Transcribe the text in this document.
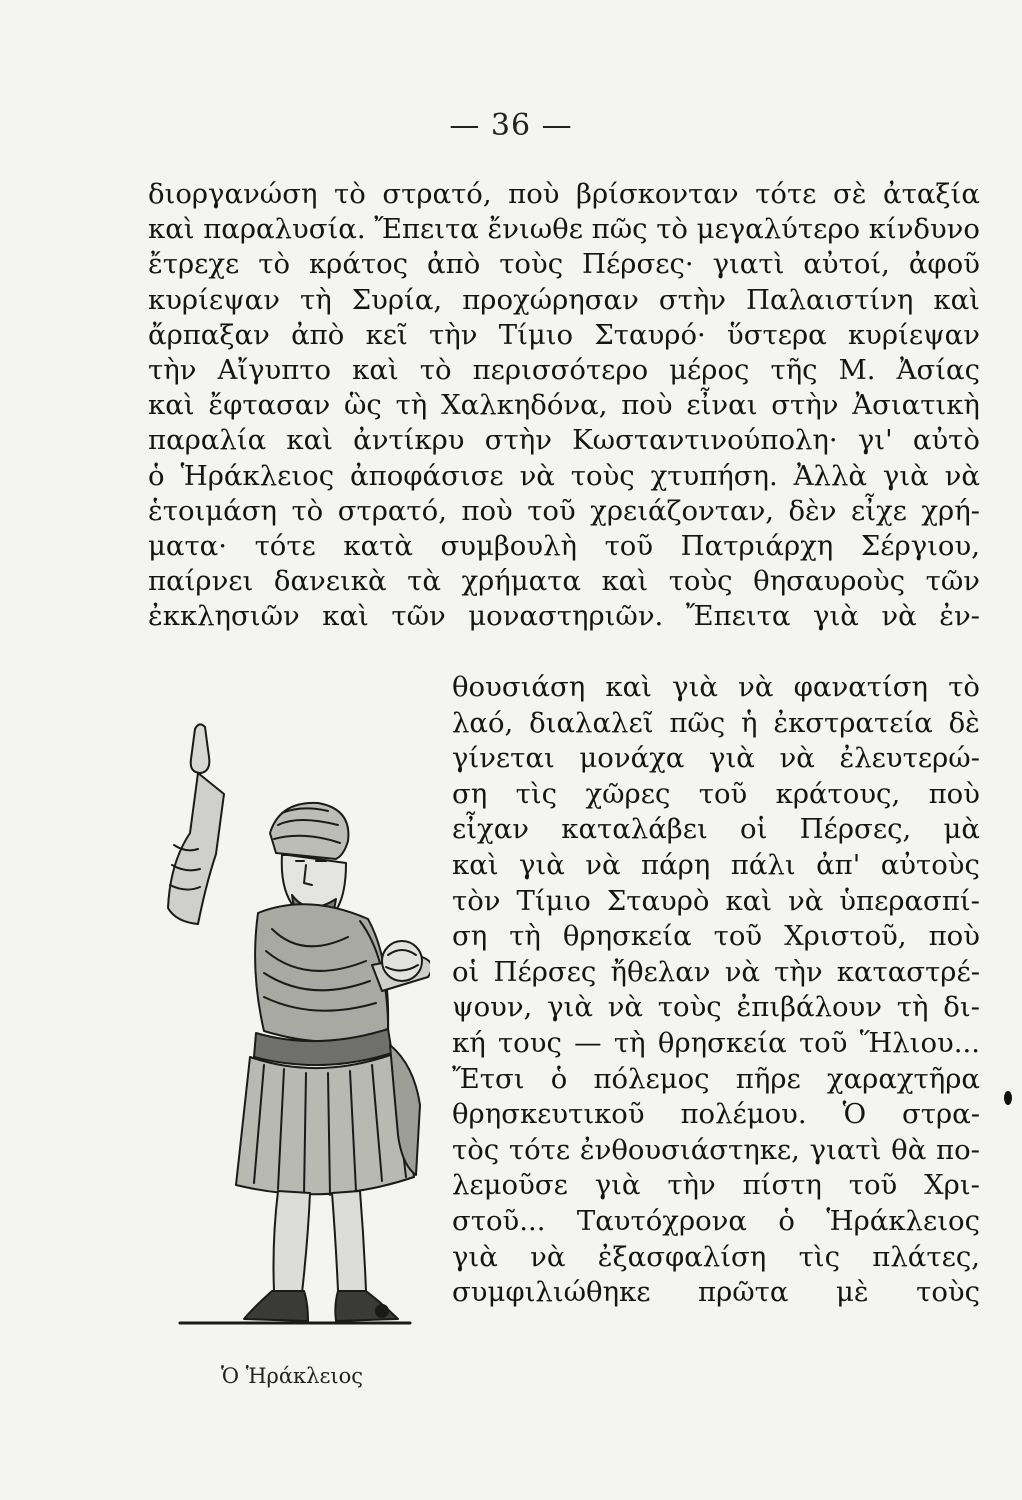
— 36 —
διοργανώση τὸ στρατό, ποὺ βρίσκονταν τότε σὲ ἀταξία
καὶ παραλυσία. Ἔπειτα ἔνιωθε πῶς τὸ μεγαλύτερο κίνδυνο
ἔτρεχε τὸ κράτος ἀπὸ τοὺς Πέρσες· γιατὶ αὐτοί, ἀφοῦ
κυρίεψαν τὴ Συρία, προχώρησαν στὴν Παλαιστίνη καὶ
ἄρπαξαν ἀπὸ κεῖ τὴν Τίμιο Σταυρό· ὕστερα κυρίεψαν
τὴν Αἴγυπτο καὶ τὸ περισσότερο μέρος τῆς Μ. Ἀσίας
καὶ ἔφτασαν ὣς τὴ Χαλκηδόνα, ποὺ εἶναι στὴν Ἀσιατικὴ
παραλία καὶ ἀντίκρυ στὴν Κωσταντινούπολη· γι' αὐτὸ
ὁ Ἡράκλειος ἀποφάσισε νὰ τοὺς χτυπήση. Ἀλλὰ γιὰ νὰ
ἑτοιμάση τὸ στρατό, ποὺ τοῦ χρειάζονταν, δὲν εἶχε χρή-
ματα· τότε κατὰ συμβουλὴ τοῦ Πατριάρχη Σέργιου,
παίρνει δανεικὰ τὰ χρήματα καὶ τοὺς θησαυροὺς τῶν
ἐκκλησιῶν καὶ τῶν μοναστηριῶν. Ἔπειτα γιὰ νὰ ἐν-
θουσιάση καὶ γιὰ νὰ φανατίση τὸ
λαό, διαλαλεῖ πῶς ἡ ἐκστρατεία δὲ
γίνεται μονάχα γιὰ νὰ ἐλευτερώ-
ση τὶς χῶρες τοῦ κράτους, ποὺ
εἶχαν καταλάβει οἱ Πέρσες, μὰ
καὶ γιὰ νὰ πάρη πάλι ἀπ' αὐτοὺς
τὸν Τίμιο Σταυρὸ καὶ νὰ ὑπερασπί-
ση τὴ θρησκεία τοῦ Χριστοῦ, ποὺ
οἱ Πέρσες ἤθελαν νὰ τὴν καταστρέ-
ψουν, γιὰ νὰ τοὺς ἐπιβάλουν τὴ δι-
κή τους — τὴ θρησκεία τοῦ Ἥλιου...
Ἔτσι ὁ πόλεμος πῆρε χαραχτῆρα
θρησκευτικοῦ πολέμου. Ὁ στρα-
τὸς τότε ἐνθουσιάστηκε, γιατὶ θὰ πο-
λεμοῦσε γιὰ τὴν πίστη τοῦ Χρι-
στοῦ... Ταυτόχρονα ὁ Ἡράκλειος
γιὰ νὰ ἐξασφαλίση τὶς πλάτες,
συμφιλιώθηκε πρῶτα μὲ τοὺς
Ὁ Ἡράκλειος
